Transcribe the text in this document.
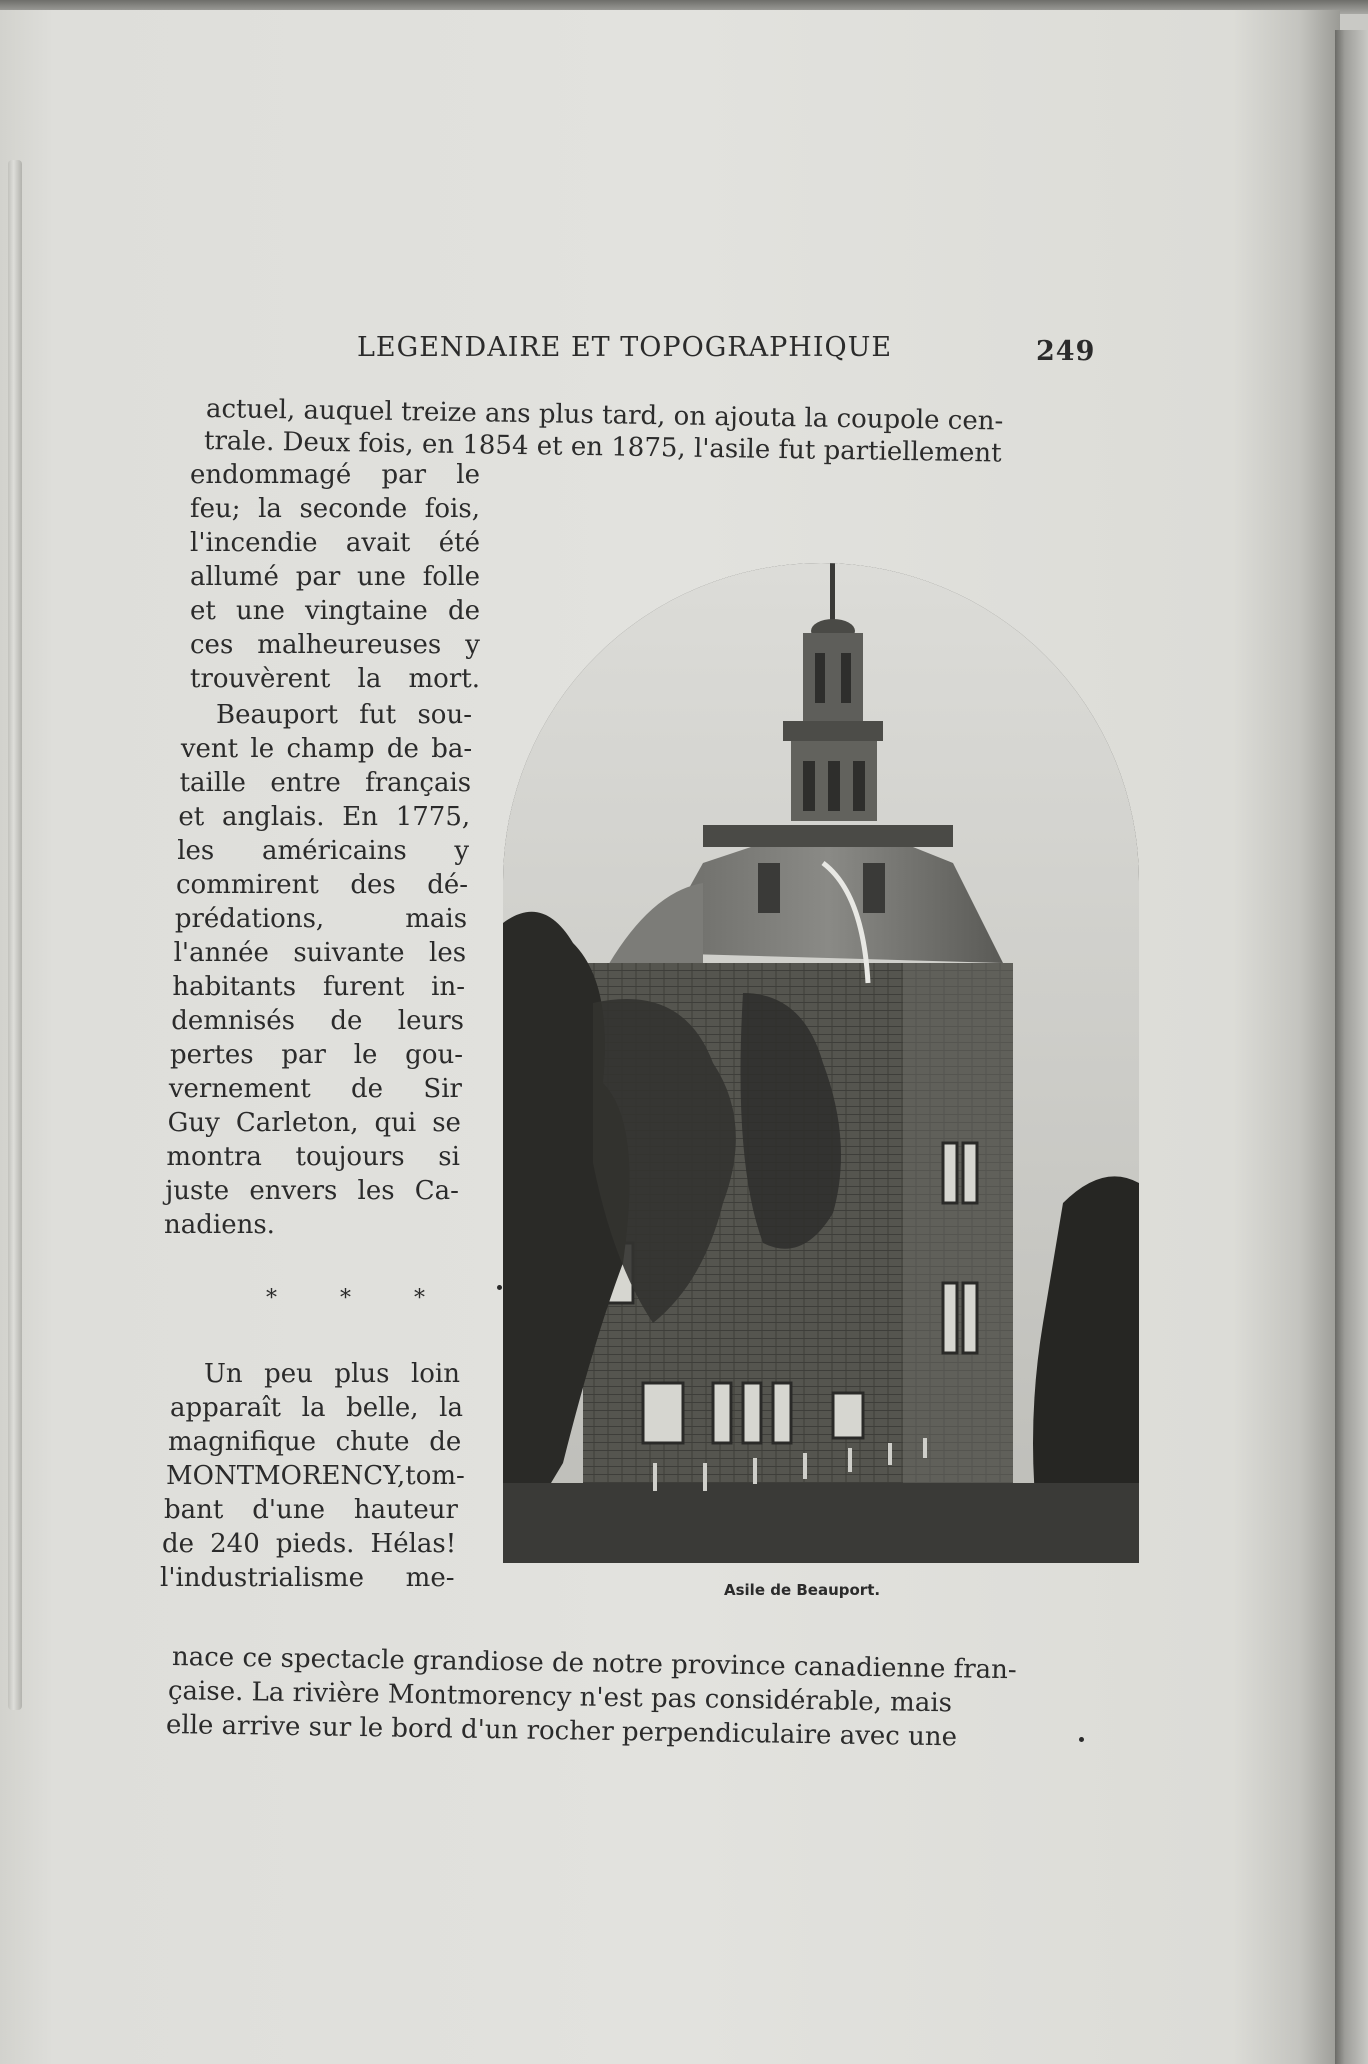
LEGENDAIRE ET TOPOGRAPHIQUE	249
actuel, auquel treize ans plus tard, on ajouta la coupole cen-
trale. Deux fois, en 1854 et en 1875, l'asile fut partiellement
endommagé par le
feu; la seconde fois,
l'incendie avait été
allumé par une folle
et une vingtaine de
ces malheureuses y
trouvèrent la mort.
Beauport fut sou-
vent le champ de ba-
taille entre français
et anglais. En 1775,
les américains y
commirent des dé-
prédations,	mais
l'année suivante les
habitants furent in-
demnisés de leurs
pertes par le gou-
vernement de Sir
Guy Carleton, qui se
montra toujours si
juste envers les Ca-
nadiens.
Un peu plus loin
apparaît la belle, la
magnifique chute de
MONTMORENCY, tom-
bant d'une hauteur
de 240 pieds. Hélas!
l'industrialisme me-
* * *
Asile de Beauport.
nace ce spectacle grandiose de notre province canadienne fran-
çaise. La rivière Montmorency n'est pas considérable, mais
elle arrive sur le bord d'un rocher perpendiculaire avec une
